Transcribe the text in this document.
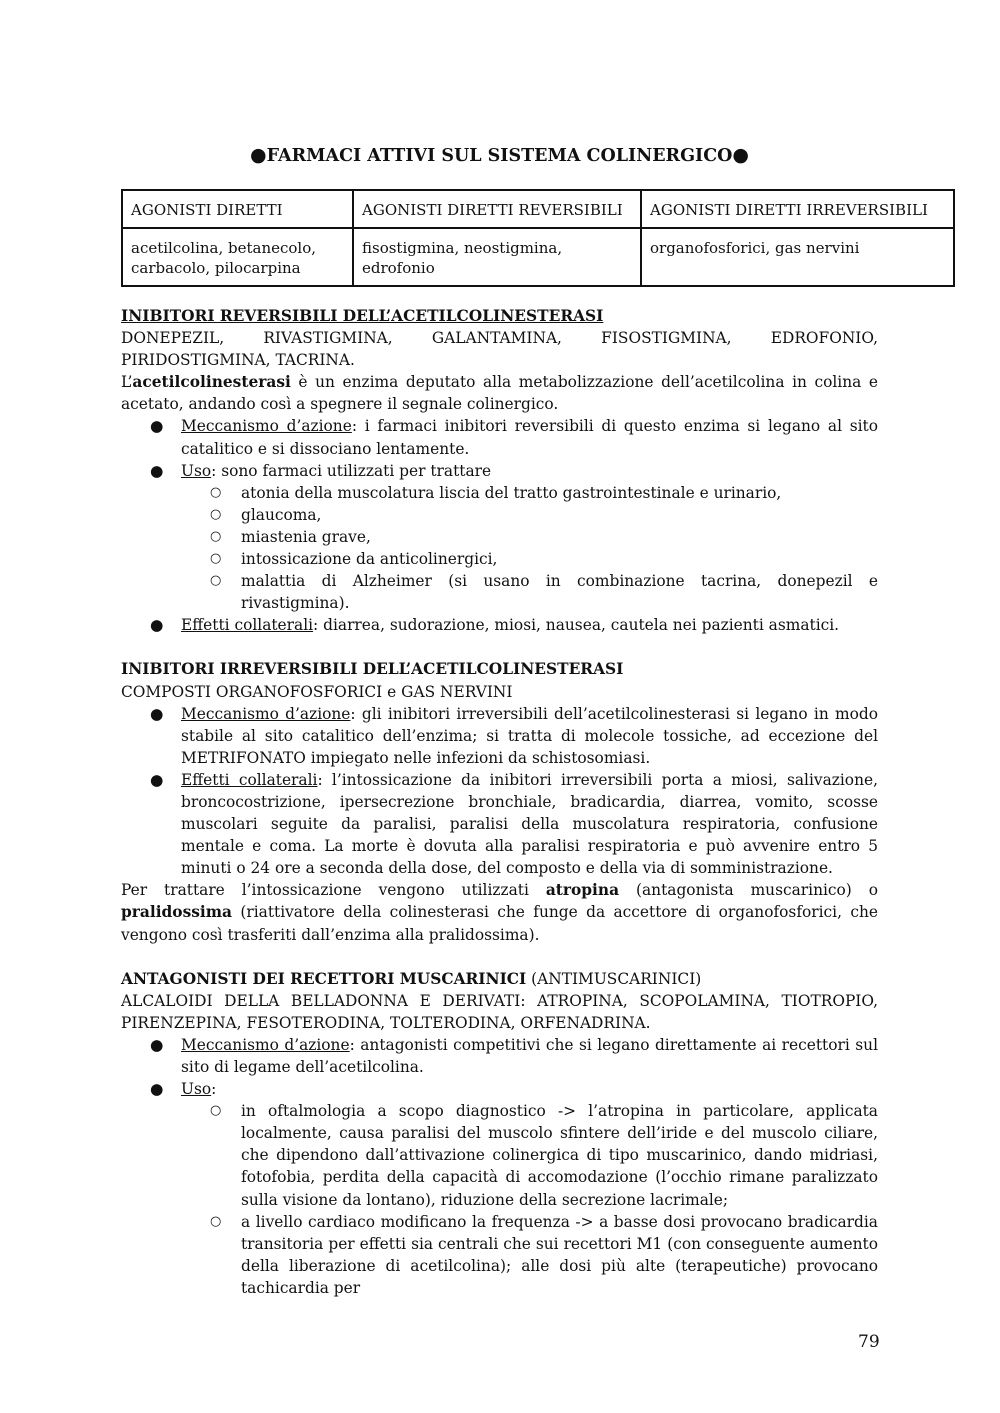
●FARMACI ATTIVI SUL SISTEMA COLINERGICO●
AGONISTI DIRETTI	AGONISTI DIRETTI REVERSIBILI	AGONISTI DIRETTI IRREVERSIBILI
acetilcolina, betanecolo, carbacolo, pilocarpina	fisostigmina, neostigmina, edrofonio	organofosforici, gas nervini

INIBITORI REVERSIBILI DELL’ACETILCOLINESTERASI

DONEPEZIL, RIVASTIGMINA, GALANTAMINA, FISOSTIGMINA, EDROFONIO, PIRIDOSTIGMINA, TACRINA.

L’acetilcolinesterasi è un enzima deputato alla metabolizzazione dell’acetilcolina in colina e acetato, andando così a spegnere il segnale colinergico.

● Meccanismo d’azione: i farmaci inibitori reversibili di questo enzima si legano al sito catalitico e si dissociano lentamente.
● Uso: sono farmaci utilizzati per trattare
○ atonia della muscolatura liscia del tratto gastrointestinale e urinario,
○ glaucoma,
○ miastenia grave,
○ intossicazione da anticolinergici,
○ malattia di Alzheimer (si usano in combinazione tacrina, donepezil e rivastigmina).
● Effetti collaterali: diarrea, sudorazione, miosi, nausea, cautela nei pazienti asmatici.

INIBITORI IRREVERSIBILI DELL’ACETILCOLINESTERASI

COMPOSTI ORGANOFOSFORICI e GAS NERVINI

● Meccanismo d’azione: gli inibitori irreversibili dell’acetilcolinesterasi si legano in modo stabile al sito catalitico dell’enzima; si tratta di molecole tossiche, ad eccezione del METRIFONATO impiegato nelle infezioni da schistosomiasi.
● Effetti collaterali: l’intossicazione da inibitori irreversibili porta a miosi, salivazione, broncocostrizione, ipersecrezione bronchiale, bradicardia, diarrea, vomito, scosse muscolari seguite da paralisi, paralisi della muscolatura respiratoria, confusione mentale e coma. La morte è dovuta alla paralisi respiratoria e può avvenire entro 5 minuti o 24 ore a seconda della dose, del composto e della via di somministrazione.

Per trattare l’intossicazione vengono utilizzati atropina (antagonista muscarinico) o pralidossima (riattivatore della colinesterasi che funge da accettore di organofosforici, che vengono così trasferiti dall’enzima alla pralidossima).

ANTAGONISTI DEI RECETTORI MUSCARINICI (ANTIMUSCARINICI)

ALCALOIDI DELLA BELLADONNA E DERIVATI: ATROPINA, SCOPOLAMINA, TIOTROPIO, PIRENZEPINA, FESOTERODINA, TOLTERODINA, ORFENADRINA.

● Meccanismo d’azione: antagonisti competitivi che si legano direttamente ai recettori sul sito di legame dell’acetilcolina.
● Uso:
○ in oftalmologia a scopo diagnostico -> l’atropina in particolare, applicata localmente, causa paralisi del muscolo sfintere dell’iride e del muscolo ciliare, che dipendono dall’attivazione colinergica di tipo muscarinico, dando midriasi, fotofobia, perdita della capacità di accomodazione (l’occhio rimane paralizzato sulla visione da lontano), riduzione della secrezione lacrimale;
○ a livello cardiaco modificano la frequenza -> a basse dosi provocano bradicardia transitoria per effetti sia centrali che sui recettori M1 (con conseguente aumento della liberazione di acetilcolina); alle dosi più alte (terapeutiche) provocano tachicardia per
79
